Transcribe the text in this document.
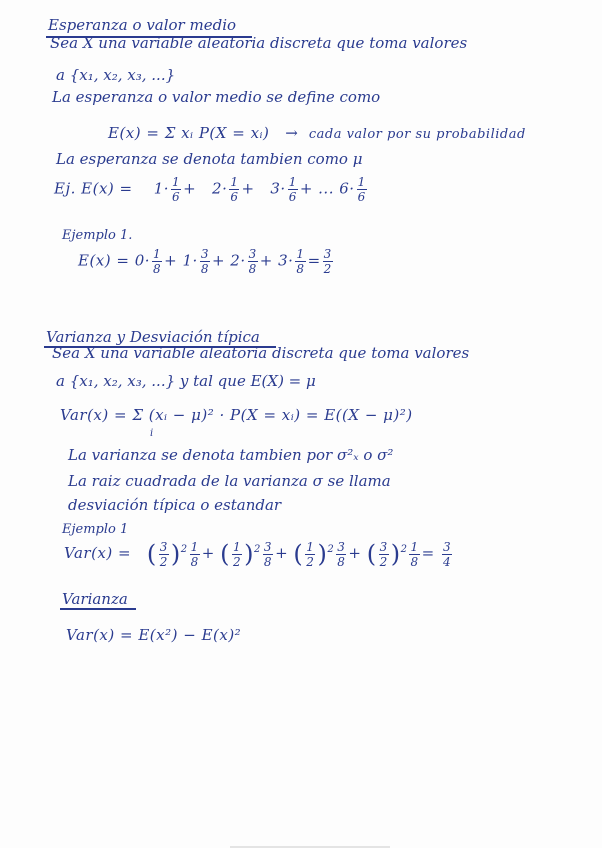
Esperanza o valor medio
Sea X una variable aleatoria discreta que toma valores
a {x₁, x₂, x₃, ...}
La esperanza o valor medio se define como
E(x) = Σ xᵢ P(X = xᵢ)   →  cada valor por su probabilidad
La esperanza se denota tambien como μ
Ej. $E(x) = 1\cdot \frac{1}{6} + 2\cdot \frac{1}{6} + 3\cdot \frac{1}{6}$ + ... $6\cdot \frac{1}{6}$
Ejemplo 1.
$E(x) = 0\cdot \frac{1}{8} + 1\cdot \frac{3}{8} + 2\cdot \frac{3}{8} + 3\cdot \frac{1}{8} = \frac{3}{2}$
Varianza y Desviación típica
Sea X una variable aleatoria discreta que toma valores
a {x₁, x₂, x₃, ...} y tal que E(X) = μ
Var(x) = Σ (xᵢ − μ)² · P(X = xᵢ) = E((X − μ)²)
i
La varianza se denota tambien por σ²ₓ o σ²
La raiz cuadrada de la varianza σ se llama
desviación típica o estandar
Ejemplo 1
Var(x) = ( $\frac{3}{2} )^2 \frac{1}{8}$ + ( $\frac{1}{2} )^2 \frac{3}{8}$ + ( $\frac{1}{2} )^2 \frac{3}{8}$ + ( $\frac{3}{2} )^2 \frac{1}{8} = \frac{3}{4}$
Varianza
Var(x) = E(x²) − E(x)²
